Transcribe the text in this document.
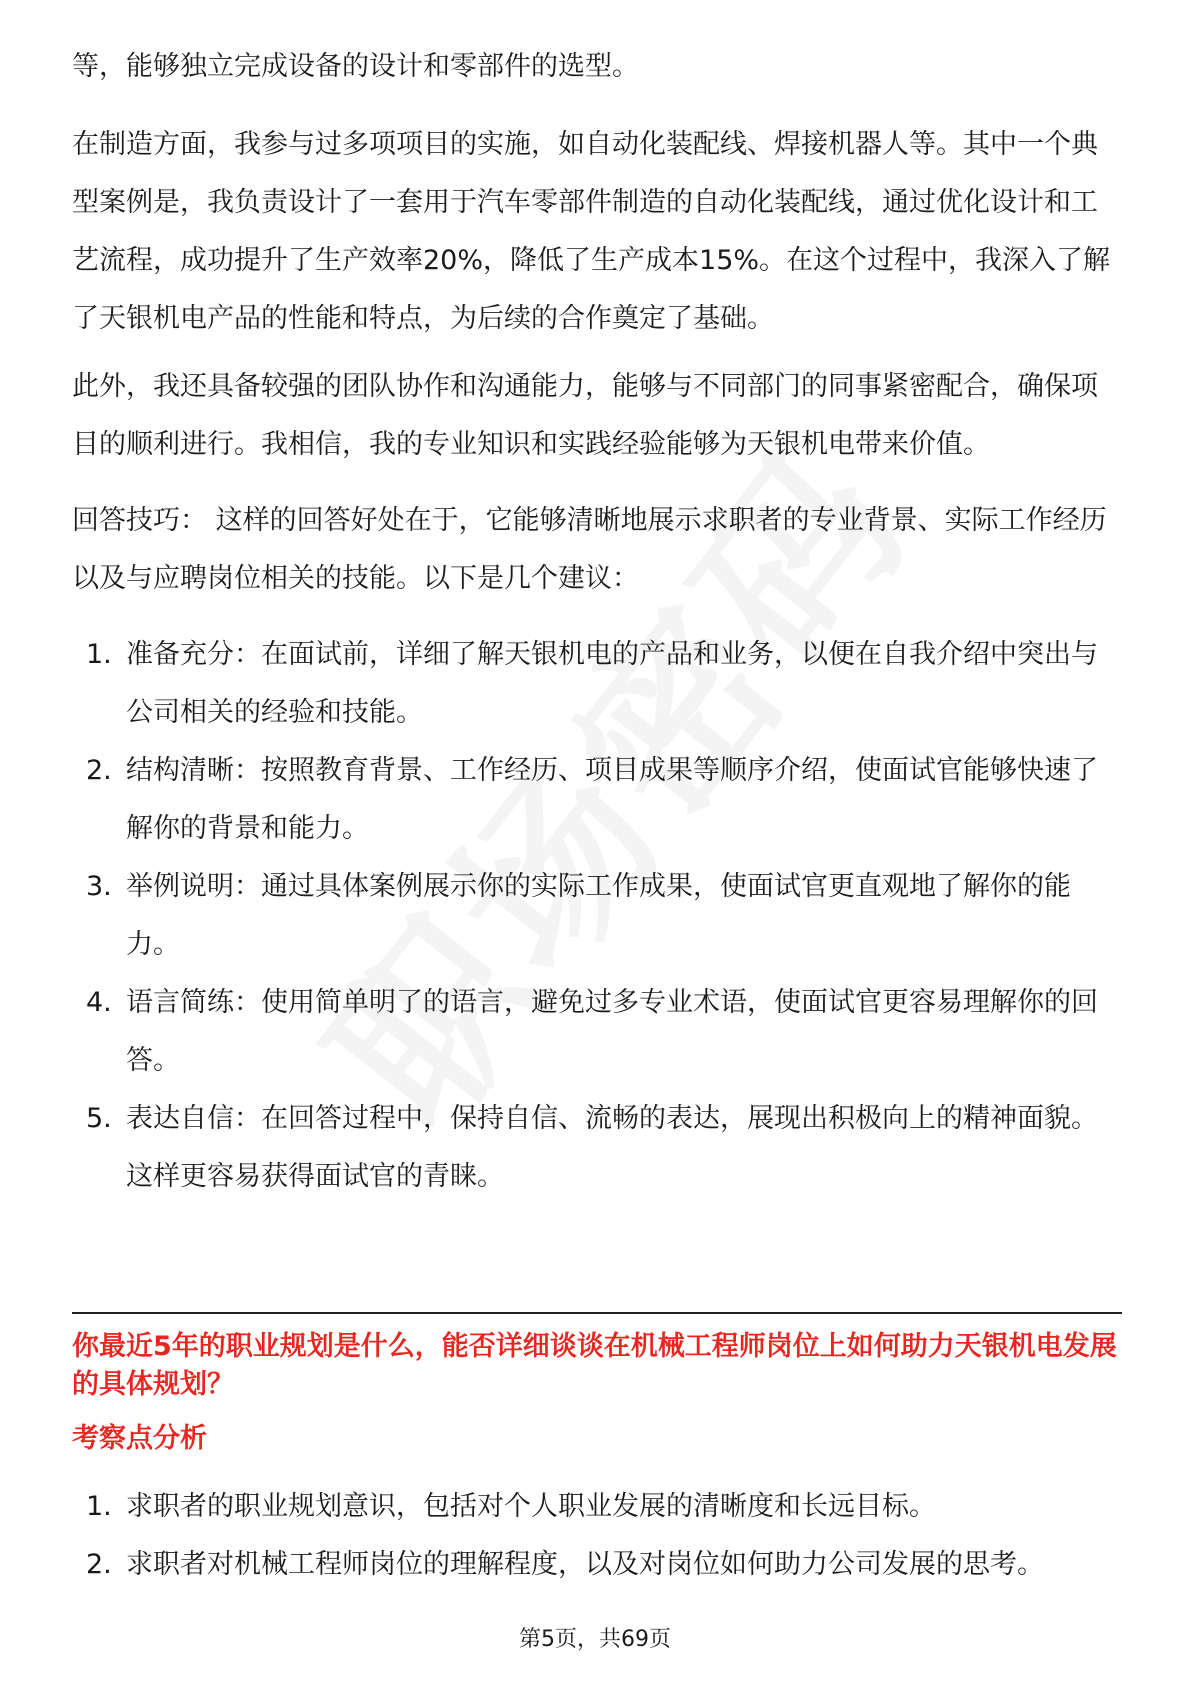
等，能够独立完成设备的设计和零部件的选型。

在制造方面，我参与过多项项目的实施，如自动化装配线、焊接机器人等。其中一个典型案例是，我负责设计了一套用于汽车零部件制造的自动化装配线，通过优化设计和工艺流程，成功提升了生产效率20%，降低了生产成本15%。在这个过程中，我深入了解了天银机电产品的性能和特点，为后续的合作奠定了基础。

此外，我还具备较强的团队协作和沟通能力，能够与不同部门的同事紧密配合，确保项目的顺利进行。我相信，我的专业知识和实践经验能够为天银机电带来价值。

回答技巧： 这样的回答好处在于，它能够清晰地展示求职者的专业背景、实际工作经历以及与应聘岗位相关的技能。以下是几个建议：

1. 准备充分：在面试前，详细了解天银机电的产品和业务，以便在自我介绍中突出与公司相关的经验和技能。
2. 结构清晰：按照教育背景、工作经历、项目成果等顺序介绍，使面试官能够快速了解你的背景和能力。
3. 举例说明：通过具体案例展示你的实际工作成果，使面试官更直观地了解你的能力。
4. 语言简练：使用简单明了的语言，避免过多专业术语，使面试官更容易理解你的回答。
5. 表达自信：在回答过程中，保持自信、流畅的表达，展现出积极向上的精神面貌。这样更容易获得面试官的青睐。

你最近5年的职业规划是什么，能否详细谈谈在机械工程师岗位上如何助力天银机电发展的具体规划？

考察点分析

1. 求职者的职业规划意识，包括对个人职业发展的清晰度和长远目标。
2. 求职者对机械工程师岗位的理解程度，以及对岗位如何助力公司发展的思考。
第5页，共69页
